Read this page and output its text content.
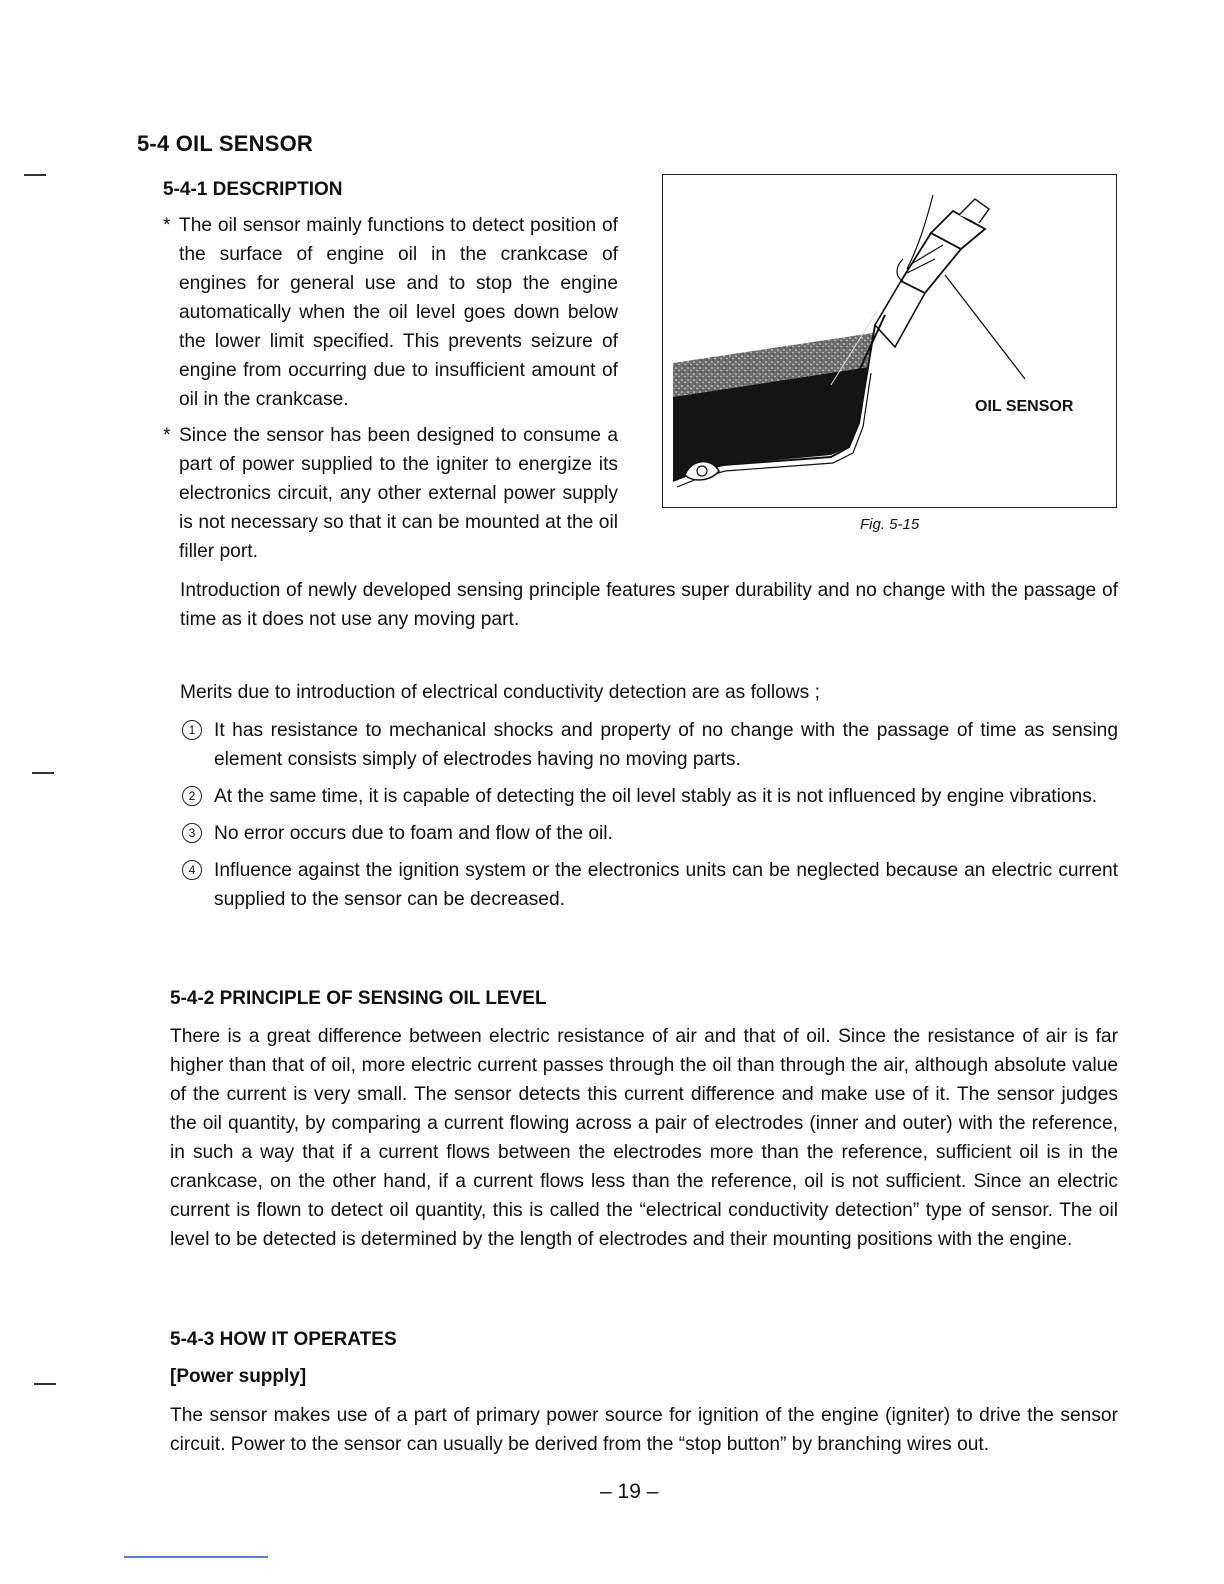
5-4 OIL SENSOR
5-4-1 DESCRIPTION
* The oil sensor mainly functions to detect position of the surface of engine oil in the crankcase of engines for general use and to stop the engine automatically when the oil level goes down below the lower limit specified. This prevents seizure of engine from occurring due to insufficient amount of oil in the crankcase.
* Since the sensor has been designed to consume a part of power supplied to the igniter to energize its electronics circuit, any other external power supply is not necessary so that it can be mounted at the oil filler port.
OIL SENSOR
Fig. 5-15

Introduction of newly developed sensing principle features super durability and no change with the passage of time as it does not use any moving part.

Merits due to introduction of electrical conductivity detection are as follows ;

1 It has resistance to mechanical shocks and property of no change with the passage of time as sensing element consists simply of electrodes having no moving parts.
2 At the same time, it is capable of detecting the oil level stably as it is not influenced by engine vibrations.
3 No error occurs due to foam and flow of the oil.
4 Influence against the ignition system or the electronics units can be neglected because an electric current supplied to the sensor can be decreased.
5-4-2 PRINCIPLE OF SENSING OIL LEVEL

There is a great difference between electric resistance of air and that of oil. Since the resistance of air is far higher than that of oil, more electric current passes through the oil than through the air, although absolute value of the current is very small. The sensor detects this current difference and make use of it. The sensor judges the oil quantity, by comparing a current flowing across a pair of electrodes (inner and outer) with the reference, in such a way that if a current flows between the electrodes more than the reference, sufficient oil is in the crankcase, on the other hand, if a current flows less than the reference, oil is not sufficient. Since an electric current is flown to detect oil quantity, this is called the “electrical conductivity detection” type of sensor. The oil level to be detected is determined by the length of electrodes and their mounting positions with the engine.

5-4-3 HOW IT OPERATES
[Power supply]

The sensor makes use of a part of primary power source for ignition of the engine (igniter) to drive the sensor circuit. Power to the sensor can usually be derived from the “stop button” by branching wires out.

– 19 –
